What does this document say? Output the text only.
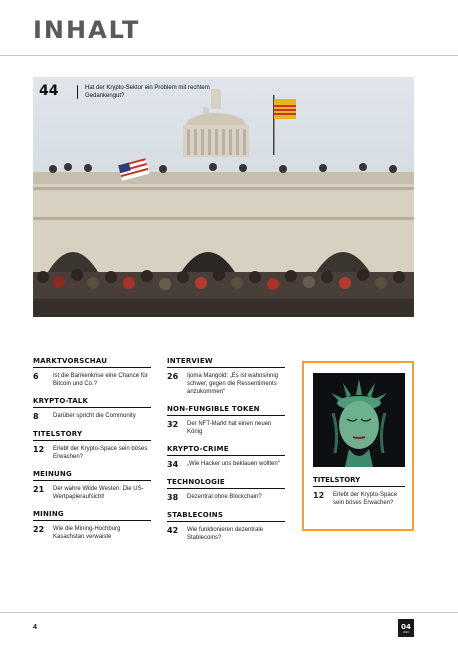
INHALT
44	Hat der Krypto-Sektor ein Problem mit rechtem Gedankengut?
MARKTVORSCHAU
6	Ist die Bankenkrise eine Chance für Bitcoin und Co.?
KRYPTO-TALK
8	Darüber spricht die Community
TITELSTORY
12	Erlebt der Krypto-Space sein böses Erwachen?
MEINUNG
21	Der wahre Wilde Westen: Die US-Wertpapieraufsicht!
MINING
22	Wie die Mining-Hochburg Kasachstan verwaiste
INTERVIEW
26	Ijoma Mangold: „Es ist wahnsinnig schwer, gegen die Ressentiments anzukommen“
NON-FUNGIBLE TOKEN
32	Der NFT-Markt hat einen neuen König
KRYPTO-CRIME
34	„Wie Hacker uns beklauen wollten“
TECHNOLOGIE
38	Dezentral ohne Blockchain?
STABLECOINS
42	Wie funktionieren dezentrale Stablecoins?
TITELSTORY
12	Erlebt der Krypto-Space sein böses Erwachen?
4	04
2023
